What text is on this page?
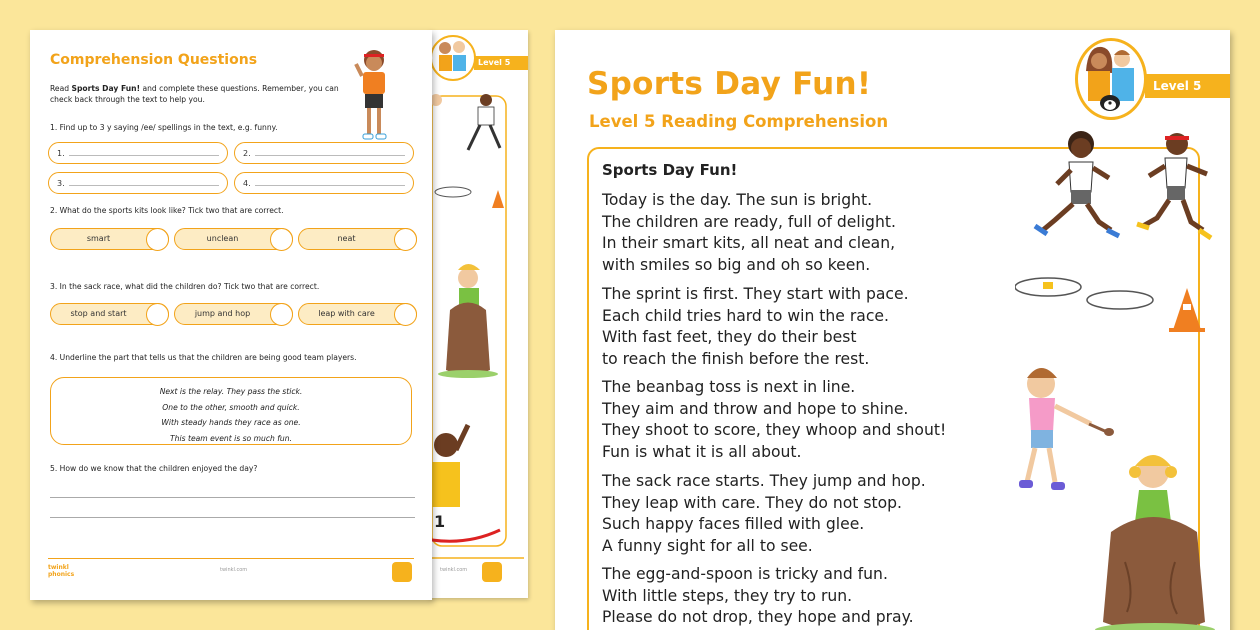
1
Level 5
twinkl.com
Comprehension Questions
Read Sports Day Fun! and complete these questions. Remember, you can check back through the text to help you.
1. Find up to 3 y saying /ee/ spellings in the text, e.g. funny.
1.	2.
3.	4.
2. What do the sports kits look like? Tick two that are correct.
smart	unclean	neat
3. In the sack race, what did the children do? Tick two that are correct.
stop and start	jump and hop	leap with care
4. Underline the part that tells us that the children are being good team players.
Next is the relay. They pass the stick.
One to the other, smooth and quick.
With steady hands they race as one.
This team event is so much fun.
5. How do we know that the children enjoyed the day?
twinkl phonics
twinkl.com
Sports Day Fun!
Level 5 Reading Comprehension
Level 5
Sports Day Fun!
Today is the day. The sun is bright.
The children are ready, full of delight.
In their smart kits, all neat and clean,
with smiles so big and oh so keen.
The sprint is first. They start with pace.
Each child tries hard to win the race.
With fast feet, they do their best
to reach the finish before the rest.
The beanbag toss is next in line.
They aim and throw and hope to shine.
They shoot to score, they whoop and shout!
Fun is what it is all about.
The sack race starts. They jump and hop.
They leap with care. They do not stop.
Such happy faces filled with glee.
A funny sight for all to see.
The egg-and-spoon is tricky and fun.
With little steps, they try to run.
Please do not drop, they hope and pray.
